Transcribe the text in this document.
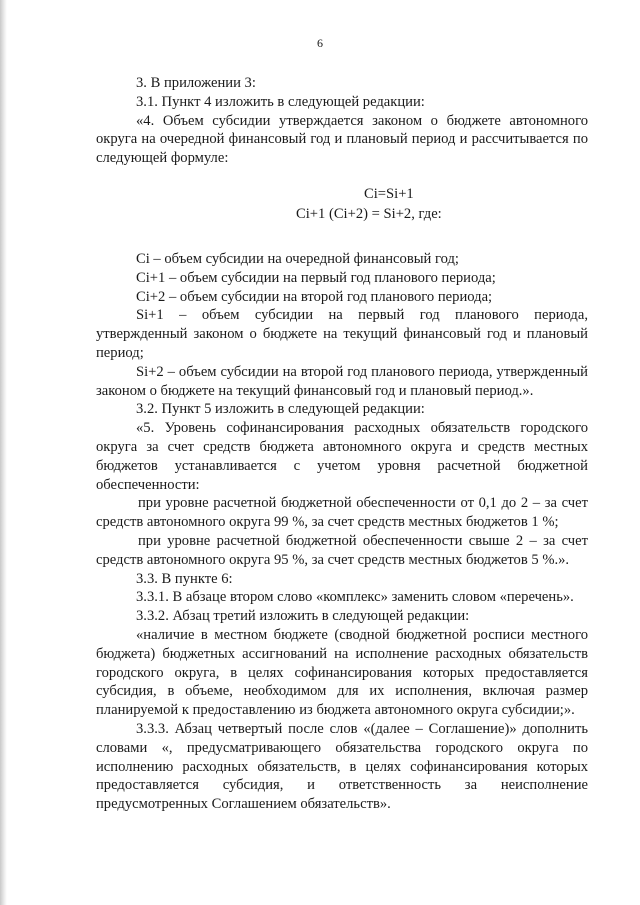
6

3. В приложении 3:

3.1. Пункт 4 изложить в следующей редакции:

«4. Объем субсидии утверждается законом о бюджете автономного округа на очередной финансовый год и плановый период и рассчитывается по следующей формуле:

Сi=Si+1
Сi+1 (Сi+2) = Si+2, где:

Сi – объем субсидии на очередной финансовый год;

Сi+1 – объем субсидии на первый год планового периода;

Сi+2 – объем субсидии на второй год планового периода;

Si+1 – объем субсидии на первый год планового периода, утвержденный законом о бюджете на текущий финансовый год и плановый период;

Si+2 – объем субсидии на второй год планового периода, утвержденный законом о бюджете на текущий финансовый год и плановый период.».

3.2. Пункт 5 изложить в следующей редакции:

«5. Уровень софинансирования расходных обязательств городского округа за счет средств бюджета автономного округа и средств местных бюджетов устанавливается с учетом уровня расчетной бюджетной обеспеченности:

при уровне расчетной бюджетной обеспеченности от 0,1 до 2 – за счет средств автономного округа 99 %, за счет средств местных бюджетов 1 %;

при уровне расчетной бюджетной обеспеченности свыше 2 – за счет средств автономного округа 95 %, за счет средств местных бюджетов 5 %.».

3.3. В пункте 6:

3.3.1. В абзаце втором слово «комплекс» заменить словом «перечень».

3.3.2. Абзац третий изложить в следующей редакции:

«наличие в местном бюджете (сводной бюджетной росписи местного бюджета) бюджетных ассигнований на исполнение расходных обязательств городского округа, в целях софинансирования которых предоставляется субсидия, в объеме, необходимом для их исполнения, включая размер планируемой к предоставлению из бюджета автономного округа субсидии;».

3.3.3. Абзац четвертый после слов «(далее – Соглашение)» дополнить словами «, предусматривающего обязательства городского округа по исполнению расходных обязательств, в целях софинансирования которых предоставляется субсидия, и ответственность за неисполнение предусмотренных Соглашением обязательств».
